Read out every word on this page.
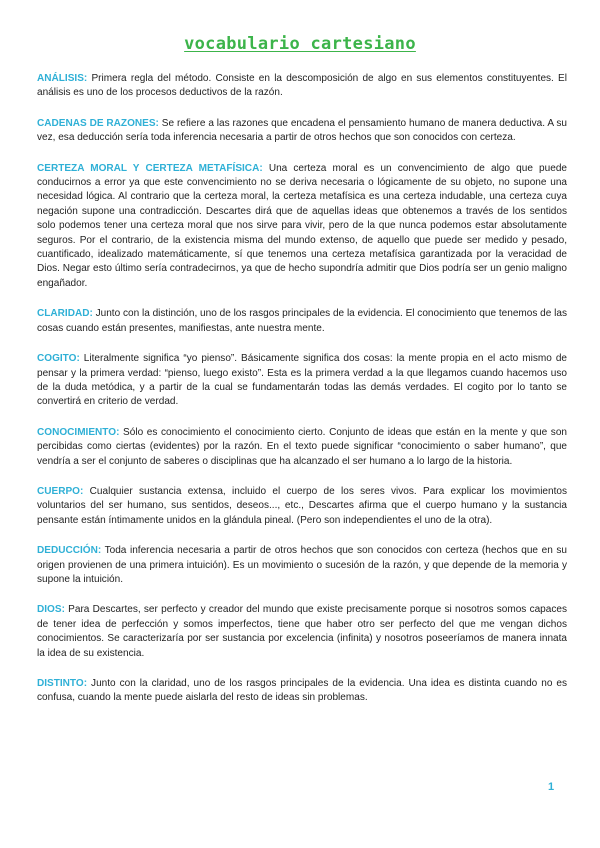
vocabulario cartesiano

ANÁLISIS: Primera regla del método. Consiste en la descomposición de algo en sus elementos constituyentes. El análisis es uno de los procesos deductivos de la razón.

CADENAS DE RAZONES: Se refiere a las razones que encadena el pensamiento humano de manera deductiva. A su vez, esa deducción sería toda inferencia necesaria a partir de otros hechos que son conocidos con certeza.

CERTEZA MORAL Y CERTEZA METAFÍSICA: Una certeza moral es un convencimiento de algo que puede conducirnos a error ya que este convencimiento no se deriva necesaria o lógicamente de su objeto, no supone una necesidad lógica. Al contrario que la certeza moral, la certeza metafísica es una certeza indudable, una certeza cuya negación supone una contradicción. Descartes dirá que de aquellas ideas que obtenemos a través de los sentidos solo podemos tener una certeza moral que nos sirve para vivir, pero de la que nunca podemos estar absolutamente seguros. Por el contrario, de la existencia misma del mundo extenso, de aquello que puede ser medido y pesado, cuantificado, idealizado matemáticamente, sí que tenemos una certeza metafísica garantizada por la veracidad de Dios. Negar esto último sería contradecirnos, ya que de hecho supondría admitir que Dios podría ser un genio maligno engañador.

CLARIDAD: Junto con la distinción, uno de los rasgos principales de la evidencia. El conocimiento que tenemos de las cosas cuando están presentes, manifiestas, ante nuestra mente.

COGITO: Literalmente significa “yo pienso”. Básicamente significa dos cosas: la mente propia en el acto mismo de pensar y la primera verdad: “pienso, luego existo”. Esta es la primera verdad a la que llegamos cuando hacemos uso de la duda metódica, y a partir de la cual se fundamentarán todas las demás verdades. El cogito por lo tanto se convertirá en criterio de verdad.

CONOCIMIENTO: Sólo es conocimiento el conocimiento cierto. Conjunto de ideas que están en la mente y que son percibidas como ciertas (evidentes) por la razón. En el texto puede significar “conocimiento o saber humano”, que vendría a ser el conjunto de saberes o disciplinas que ha alcanzado el ser humano a lo largo de la historia.

CUERPO: Cualquier sustancia extensa, incluido el cuerpo de los seres vivos. Para explicar los movimientos voluntarios del ser humano, sus sentidos, deseos..., etc., Descartes afirma que el cuerpo humano y la sustancia pensante están íntimamente unidos en la glándula pineal. (Pero son independientes el uno de la otra).

DEDUCCIÓN: Toda inferencia necesaria a partir de otros hechos que son conocidos con certeza (hechos que en su origen provienen de una primera intuición). Es un movimiento o sucesión de la razón, y que depende de la memoria y supone la intuición.

DIOS: Para Descartes, ser perfecto y creador del mundo que existe precisamente porque si nosotros somos capaces de tener idea de perfección y somos imperfectos, tiene que haber otro ser perfecto del que me vengan dichos conocimientos. Se caracterizaría por ser sustancia por excelencia (infinita) y nosotros poseeríamos de manera innata la idea de su existencia.

DISTINTO: Junto con la claridad, uno de los rasgos principales de la evidencia. Una idea es distinta cuando no es confusa, cuando la mente puede aislarla del resto de ideas sin problemas.

1
